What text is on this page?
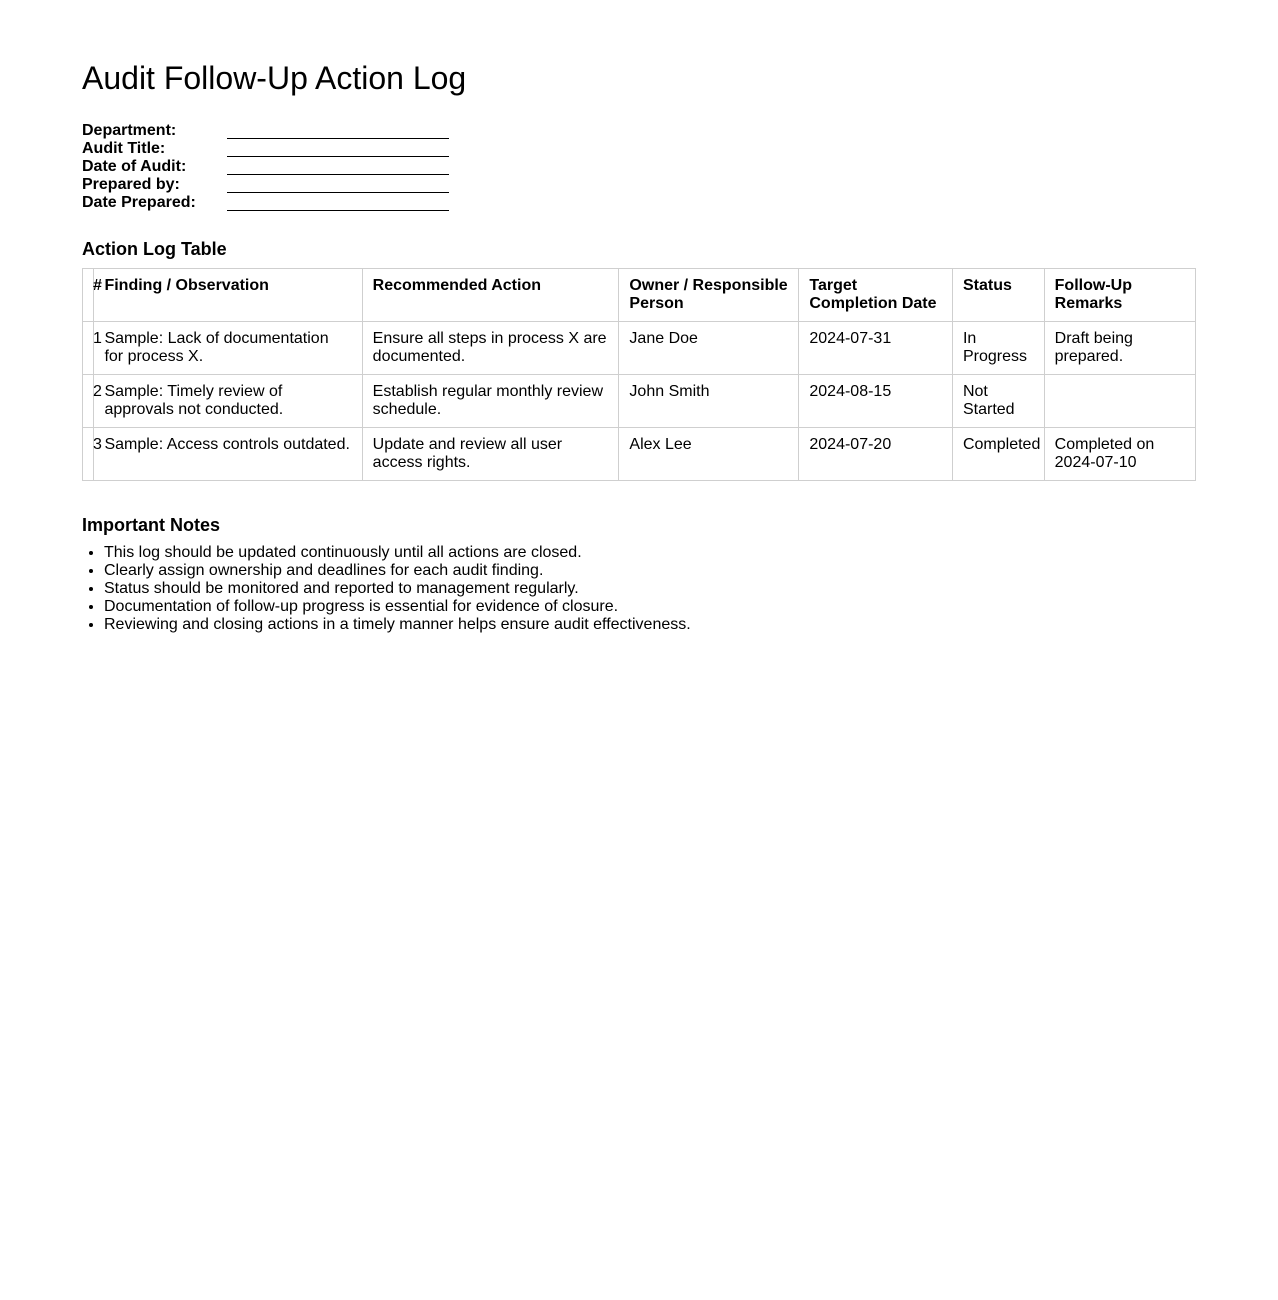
Audit Follow-Up Action Log
Department:
Audit Title:
Date of Audit:
Prepared by:
Date Prepared:
Action Log Table
#	Finding / Observation	Recommended Action	Owner / Responsible Person	Target Completion Date	Status	Follow-Up Remarks
1	Sample: Lack of documentation for process X.	Ensure all steps in process X are documented.	Jane Doe	2024-07-31	In Progress	Draft being prepared.
2	Sample: Timely review of approvals not conducted.	Establish regular monthly review schedule.	John Smith	2024-08-15	Not Started	
3	Sample: Access controls outdated.	Update and review all user access rights.	Alex Lee	2024-07-20	Completed	Completed on 2024-07-10
Important Notes
• This log should be updated continuously until all actions are closed.
• Clearly assign ownership and deadlines for each audit finding.
• Status should be monitored and reported to management regularly.
• Documentation of follow-up progress is essential for evidence of closure.
• Reviewing and closing actions in a timely manner helps ensure audit effectiveness.
